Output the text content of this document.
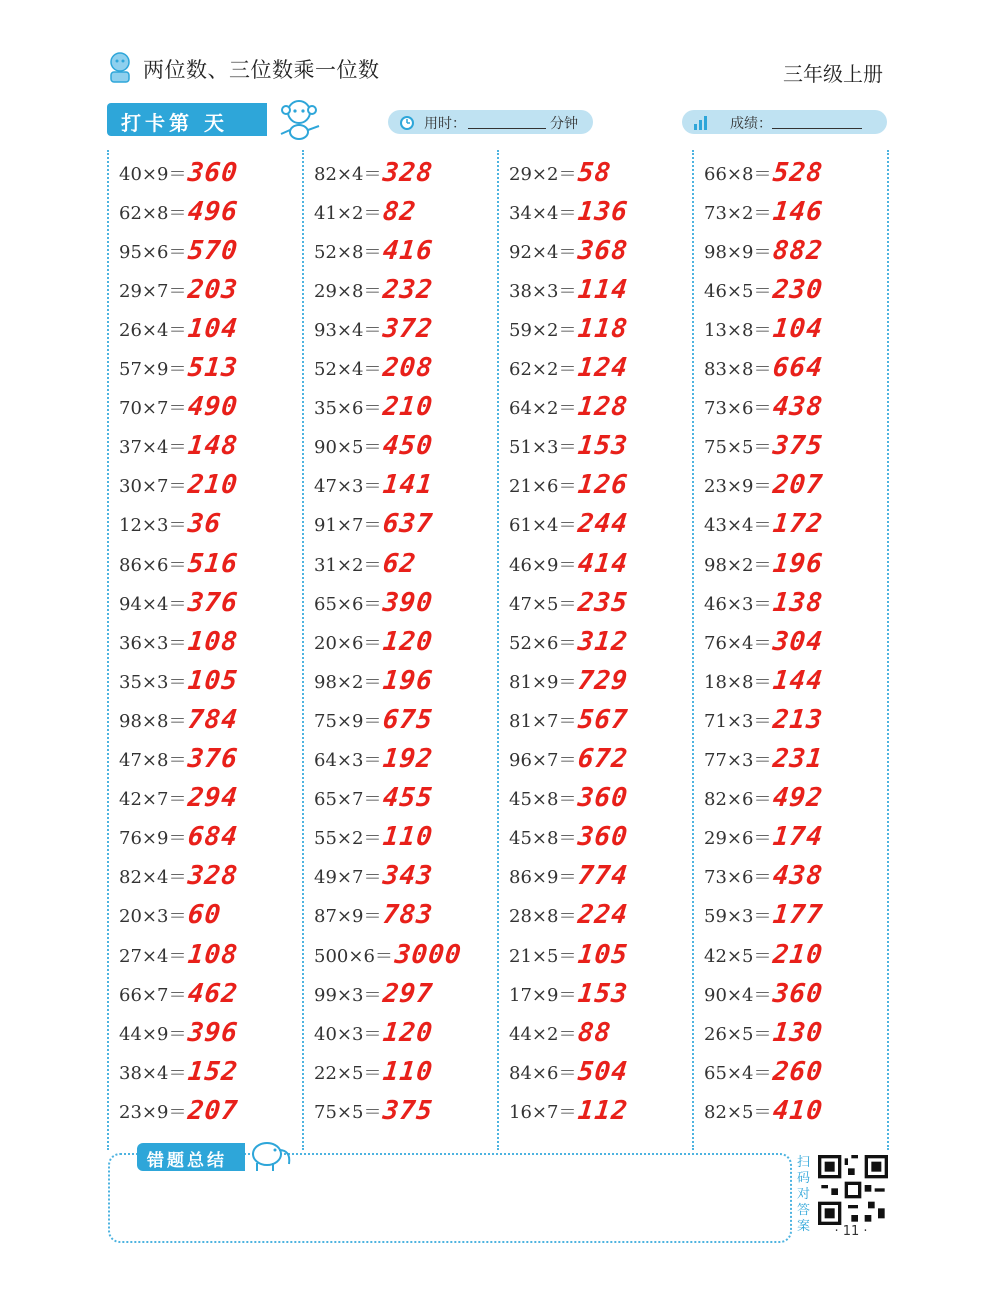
两位数、三位数乘一位数	三年级上册
打卡第 天	用时：	分钟	成绩：
40×9＝ 360
62×8＝ 496
95×6＝ 570
29×7＝ 203
26×4＝ 104
57×9＝ 513
70×7＝ 490
37×4＝ 148
30×7＝ 210
12×3＝ 36
86×6＝ 516
94×4＝ 376
36×3＝ 108
35×3＝ 105
98×8＝ 784
47×8＝ 376
42×7＝ 294
76×9＝ 684
82×4＝ 328
20×3＝ 60
27×4＝ 108
66×7＝ 462
44×9＝ 396
38×4＝ 152
23×9＝ 207
82×4＝ 328
41×2＝ 82
52×8＝ 416
29×8＝ 232
93×4＝ 372
52×4＝ 208
35×6＝ 210
90×5＝ 450
47×3＝ 141
91×7＝ 637
31×2＝ 62
65×6＝ 390
20×6＝ 120
98×2＝ 196
75×9＝ 675
64×3＝ 192
65×7＝ 455
55×2＝ 110
49×7＝ 343
87×9＝ 783
500×6＝ 3000
99×3＝ 297
40×3＝ 120
22×5＝ 110
75×5＝ 375
29×2＝ 58
34×4＝ 136
92×4＝ 368
38×3＝ 114
59×2＝ 118
62×2＝ 124
64×2＝ 128
51×3＝ 153
21×6＝ 126
61×4＝ 244
46×9＝ 414
47×5＝ 235
52×6＝ 312
81×9＝ 729
81×7＝ 567
96×7＝ 672
45×8＝ 360
45×8＝ 360
86×9＝ 774
28×8＝ 224
21×5＝ 105
17×9＝ 153
44×2＝ 88
84×6＝ 504
16×7＝ 112
66×8＝ 528
73×2＝ 146
98×9＝ 882
46×5＝ 230
13×8＝ 104
83×8＝ 664
73×6＝ 438
75×5＝ 375
23×9＝ 207
43×4＝ 172
98×2＝ 196
46×3＝ 138
76×4＝ 304
18×8＝ 144
71×3＝ 213
77×3＝ 231
82×6＝ 492
29×6＝ 174
73×6＝ 438
59×3＝ 177
42×5＝ 210
90×4＝ 360
26×5＝ 130
65×4＝ 260
82×5＝ 410
错题总结	扫
码
对
答
案	· 11 ·
